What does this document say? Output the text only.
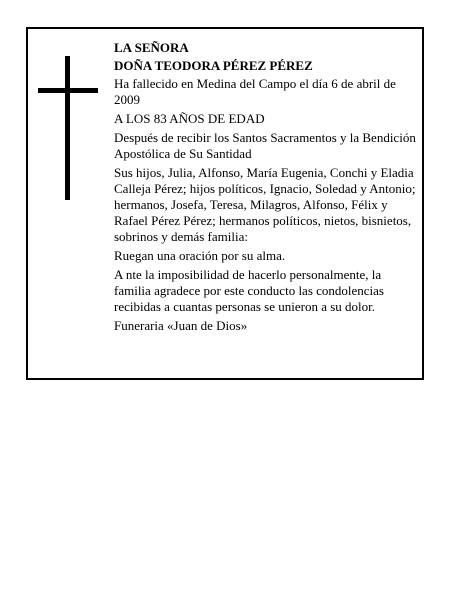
LA SEÑORA

DOÑA TEODORA PÉREZ PÉREZ

Ha fallecido en Medina del Campo el día 6 de abril de 2009

A LOS 83 AÑOS DE EDAD

Después de recibir los Santos Sacramentos y la Bendición Apostólica de Su Santidad

Sus hijos, Julia, Alfonso, María Eugenia, Conchi y Eladia Calleja Pérez; hijos políticos, Ignacio, Soledad y Antonio; hermanos, Josefa, Teresa, Milagros, Alfonso, Félix y Rafael Pérez Pérez; hermanos políticos, nietos, bisnietos, sobrinos y demás familia:

Ruegan una oración por su alma.

A nte la imposibilidad de hacerlo personalmente, la familia agradece por este conducto las condolencias recibidas a cuantas personas se unieron a su dolor.

Funeraria «Juan de Dios»
